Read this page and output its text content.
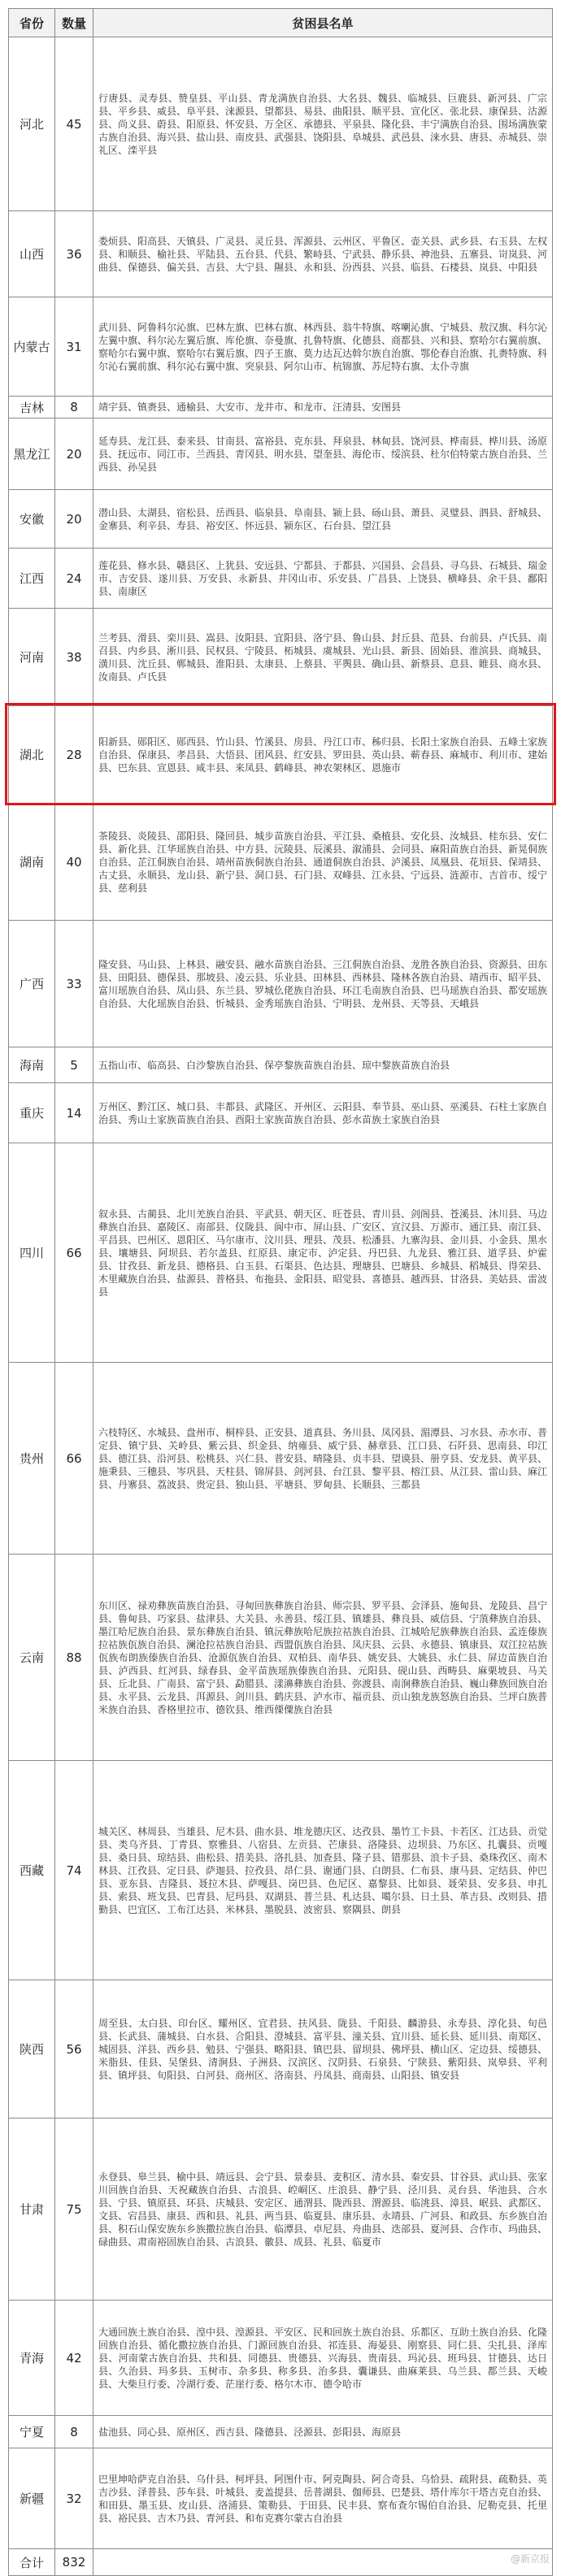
省份	数量	贫困县名单
河北	45	行唐县、灵寿县、赞皇县、平山县、青龙满族自治县、大名县、魏县、临城县、巨鹿县、新河县、广宗县、平乡县、威县、阜平县、涞源县、望都县、易县、曲阳县、顺平县、宣化区、张北县、康保县、沽源县、尚义县、蔚县、阳原县、怀安县、万全区、承德县、平泉县、隆化县、丰宁满族自治县、围场满族蒙古族自治县、海兴县、盐山县、南皮县、武强县、饶阳县、阜城县、武邑县、涞水县、唐县、赤城县、崇礼区、滦平县
山西	36	娄烦县、阳高县、天镇县、广灵县、灵丘县、浑源县、云州区、平鲁区、壶关县、武乡县、右玉县、左权县、和顺县、榆社县、平陆县、五台县、代县、繁峙县、宁武县、静乐县、神池县、五寨县、岢岚县、河曲县、保德县、偏关县、吉县、大宁县、隰县、永和县、汾西县、兴县、临县、石楼县、岚县、中阳县
内蒙古	31	武川县、阿鲁科尔沁旗、巴林左旗、巴林右旗、林西县、翁牛特旗、喀喇沁旗、宁城县、敖汉旗、科尔沁左翼中旗、科尔沁左翼后旗、库伦旗、奈曼旗、扎鲁特旗、化德县、商都县、兴和县、察哈尔右翼前旗、察哈尔右翼中旗、察哈尔右翼后旗、四子王旗、莫力达瓦达斡尔族自治旗、鄂伦春自治旗、扎赉特旗、科尔沁右翼前旗、科尔沁右翼中旗、突泉县、阿尔山市、杭锦旗、苏尼特右旗、太仆寺旗
吉林	8	靖宇县、镇赉县、通榆县、大安市、龙井市、和龙市、汪清县、安图县
黑龙江	20	延寿县、龙江县、泰来县、甘南县、富裕县、克东县、拜泉县、林甸县、饶河县、桦南县、桦川县、汤原县、抚远市、同江市、兰西县、青冈县、明水县、望奎县、海伦市、绥滨县、杜尔伯特蒙古族自治县、兰西县、孙吴县
安徽	20	潜山县、太湖县、宿松县、岳西县、临泉县、阜南县、颍上县、砀山县、萧县、灵璧县、泗县、舒城县、金寨县、利辛县、寿县、裕安区、怀远县、颍东区、石台县、望江县
江西	24	莲花县、修水县、赣县区、上犹县、安远县、宁都县、于都县、兴国县、会昌县、寻乌县、石城县、瑞金市、吉安县、遂川县、万安县、永新县、井冈山市、乐安县、广昌县、上饶县、横峰县、余干县、鄱阳县、南康区
河南	38	兰考县、滑县、栾川县、嵩县、汝阳县、宜阳县、洛宁县、鲁山县、封丘县、范县、台前县、卢氏县、南召县、内乡县、淅川县、民权县、宁陵县、柘城县、虞城县、光山县、新县、固始县、淮滨县、商城县、潢川县、沈丘县、郸城县、淮阳县、太康县、上蔡县、平舆县、确山县、新蔡县、息县、睢县、商水县、汝南县、卢氏县
湖北	28	阳新县、郧阳区、郧西县、竹山县、竹溪县、房县、丹江口市、秭归县、长阳土家族自治县、五峰土家族自治县、保康县、孝昌县、大悟县、团风县、红安县、罗田县、英山县、蕲春县、麻城市、利川市、建始县、巴东县、宣恩县、咸丰县、来凤县、鹤峰县、神农架林区、恩施市
湖南	40	茶陵县、炎陵县、邵阳县、隆回县、城步苗族自治县、平江县、桑植县、安化县、汝城县、桂东县、安仁县、新化县、江华瑶族自治县、中方县、沅陵县、辰溪县、溆浦县、会同县、麻阳苗族自治县、新晃侗族自治县、芷江侗族自治县、靖州苗族侗族自治县、通道侗族自治县、泸溪县、凤凰县、花垣县、保靖县、古丈县、永顺县、龙山县、新宁县、洞口县、石门县、双峰县、江永县、宁远县、涟源市、吉首市、绥宁县、慈利县
广西	33	隆安县、马山县、上林县、融安县、融水苗族自治县、三江侗族自治县、龙胜各族自治县、资源县、田东县、田阳县、德保县、那坡县、凌云县、乐业县、田林县、西林县、隆林各族自治县、靖西市、昭平县、富川瑶族自治县、凤山县、东兰县、罗城仫佬族自治县、环江毛南族自治县、巴马瑶族自治县、都安瑶族自治县、大化瑶族自治县、忻城县、金秀瑶族自治县、宁明县、龙州县、天等县、天峨县
海南	5	五指山市、临高县、白沙黎族自治县、保亭黎族苗族自治县、琼中黎族苗族自治县
重庆	14	万州区、黔江区、城口县、丰都县、武隆区、开州区、云阳县、奉节县、巫山县、巫溪县、石柱土家族自治县、秀山土家族苗族自治县、酉阳土家族苗族自治县、彭水苗族土家族自治县
四川	66	叙永县、古蔺县、北川羌族自治县、平武县、朝天区、旺苍县、青川县、剑阁县、苍溪县、沐川县、马边彝族自治县、嘉陵区、南部县、仪陇县、阆中市、屏山县、广安区、宣汉县、万源市、通江县、南江县、平昌县、巴州区、恩阳区、马尔康市、汶川县、理县、茂县、松潘县、九寨沟县、金川县、小金县、黑水县、壤塘县、阿坝县、若尔盖县、红原县、康定市、泸定县、丹巴县、九龙县、雅江县、道孚县、炉霍县、甘孜县、新龙县、德格县、白玉县、石渠县、色达县、理塘县、巴塘县、乡城县、稻城县、得荣县、木里藏族自治县、盐源县、普格县、布拖县、金阳县、昭觉县、喜德县、越西县、甘洛县、美姑县、雷波县
贵州	66	六枝特区、水城县、盘州市、桐梓县、正安县、道真县、务川县、凤冈县、湄潭县、习水县、赤水市、普定县、镇宁县、关岭县、紫云县、织金县、纳雍县、威宁县、赫章县、江口县、石阡县、思南县、印江县、德江县、沿河县、松桃县、兴仁县、普安县、晴隆县、贞丰县、望谟县、册亨县、安龙县、黄平县、施秉县、三穗县、岑巩县、天柱县、锦屏县、剑河县、台江县、黎平县、榕江县、从江县、雷山县、麻江县、丹寨县、荔波县、贵定县、独山县、平塘县、罗甸县、长顺县、三都县
云南	88	东川区、禄劝彝族苗族自治县、寻甸回族彝族自治县、师宗县、罗平县、会泽县、施甸县、龙陵县、昌宁县、鲁甸县、巧家县、盐津县、大关县、永善县、绥江县、镇雄县、彝良县、威信县、宁蒗彝族自治县、墨江哈尼族自治县、景东彝族自治县、镇沅彝族哈尼族拉祜族自治县、江城哈尼族彝族自治县、孟连傣族拉祜族佤族自治县、澜沧拉祜族自治县、西盟佤族自治县、凤庆县、云县、永德县、镇康县、双江拉祜族佤族布朗族傣族自治县、沧源佤族自治县、双柏县、南华县、姚安县、大姚县、永仁县、屏边苗族自治县、泸西县、红河县、绿春县、金平苗族瑶族傣族自治县、元阳县、砚山县、西畴县、麻栗坡县、马关县、丘北县、广南县、富宁县、勐腊县、漾濞彝族自治县、弥渡县、南涧彝族自治县、巍山彝族回族自治县、永平县、云龙县、洱源县、剑川县、鹤庆县、泸水市、福贡县、贡山独龙族怒族自治县、兰坪白族普米族自治县、香格里拉市、德钦县、维西傈僳族自治县
西藏	74	城关区、林周县、当雄县、尼木县、曲水县、堆龙德庆区、达孜县、墨竹工卡县、卡若区、江达县、贡觉县、类乌齐县、丁青县、察雅县、八宿县、左贡县、芒康县、洛隆县、边坝县、乃东区、扎囊县、贡嘎县、桑日县、琼结县、曲松县、措美县、洛扎县、加查县、隆子县、错那县、浪卡子县、桑珠孜区、南木林县、江孜县、定日县、萨迦县、拉孜县、昂仁县、谢通门县、白朗县、仁布县、康马县、定结县、仲巴县、亚东县、吉隆县、聂拉木县、萨嘎县、岗巴县、色尼区、嘉黎县、比如县、聂荣县、安多县、申扎县、索县、班戈县、巴青县、尼玛县、双湖县、普兰县、札达县、噶尔县、日土县、革吉县、改则县、措勤县、巴宜区、工布江达县、米林县、墨脱县、波密县、察隅县、朗县
陕西	56	周至县、太白县、印台区、耀州区、宜君县、扶风县、陇县、千阳县、麟游县、永寿县、淳化县、旬邑县、长武县、蒲城县、白水县、合阳县、澄城县、富平县、潼关县、宜川县、延长县、延川县、南郑区、城固县、洋县、西乡县、勉县、宁强县、略阳县、镇巴县、留坝县、佛坪县、横山区、定边县、绥德县、米脂县、佳县、吴堡县、清涧县、子洲县、汉滨区、汉阴县、石泉县、宁陕县、紫阳县、岚皋县、平利县、镇坪县、旬阳县、白河县、商州区、洛南县、丹凤县、商南县、山阳县、镇安县
甘肃	75	永登县、皋兰县、榆中县、靖远县、会宁县、景泰县、麦积区、清水县、秦安县、甘谷县、武山县、张家川回族自治县、天祝藏族自治县、古浪县、崆峒区、庄浪县、静宁县、泾川县、灵台县、华池县、合水县、宁县、镇原县、环县、庆城县、安定区、通渭县、陇西县、渭源县、临洮县、漳县、岷县、武都区、文县、宕昌县、康县、西和县、礼县、两当县、临夏县、康乐县、永靖县、广河县、和政县、东乡族自治县、积石山保安族东乡族撒拉族自治县、临潭县、卓尼县、舟曲县、迭部县、夏河县、合作市、玛曲县、碌曲县、肃南裕固族自治县、古浪县、徽县、成县、礼县、临夏市
青海	42	大通回族土族自治县、湟中县、湟源县、平安区、民和回族土族自治县、乐都区、互助土族自治县、化隆回族自治县、循化撒拉族自治县、门源回族自治县、祁连县、海晏县、刚察县、同仁县、尖扎县、泽库县、河南蒙古族自治县、共和县、同德县、贵德县、兴海县、贵南县、玛沁县、班玛县、甘德县、达日县、久治县、玛多县、玉树市、杂多县、称多县、治多县、囊谦县、曲麻莱县、乌兰县、都兰县、天峻县、大柴旦行委、冷湖行委、茫崖行委、格尔木市、德令哈市
宁夏	8	盐池县、同心县、原州区、西吉县、隆德县、泾源县、彭阳县、海原县
新疆	32	巴里坤哈萨克自治县、乌什县、柯坪县、阿图什市、阿克陶县、阿合奇县、乌恰县、疏附县、疏勒县、英吉沙县、泽普县、莎车县、叶城县、麦盖提县、岳普湖县、伽师县、巴楚县、塔什库尔干塔吉克自治县、和田县、墨玉县、皮山县、洛浦县、策勒县、于田县、民丰县、察布查尔锡伯自治县、尼勒克县、托里县、裕民县、吉木乃县、青河县、和布克赛尔蒙古自治县
合计	832		@新京报
